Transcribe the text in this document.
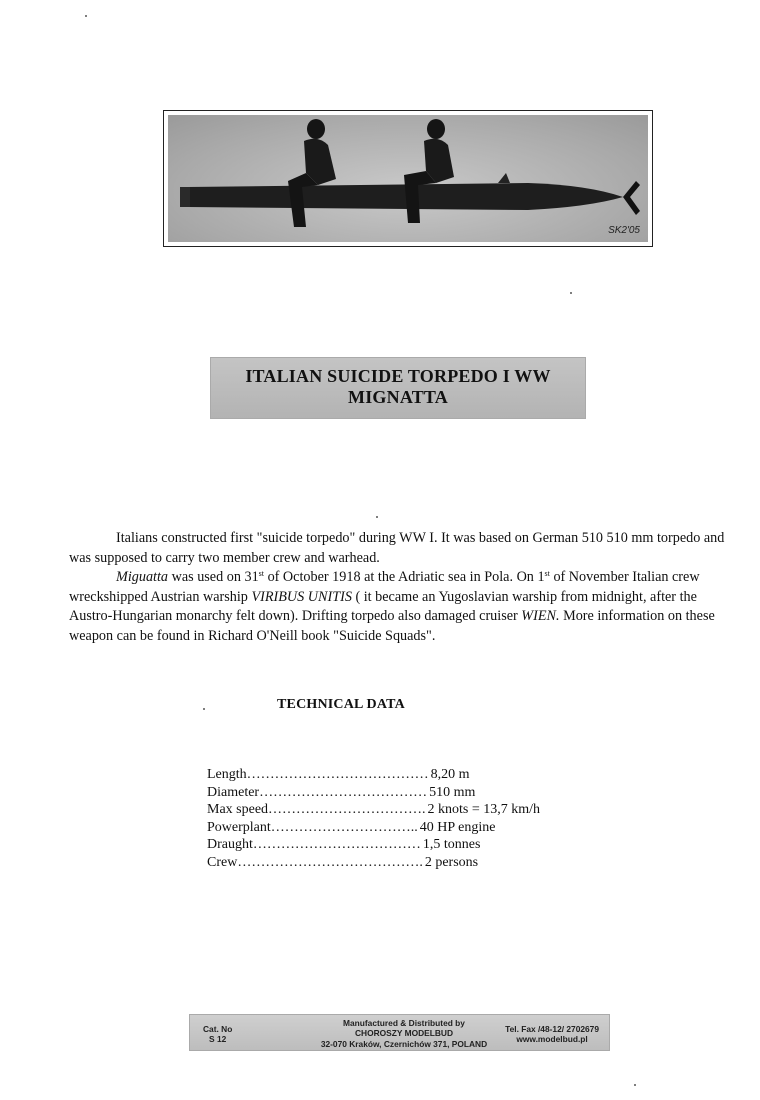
SK2'05
ITALIAN SUICIDE TORPEDO I WW
MIGNATTA

Italians constructed first "suicide torpedo" during WW I. It was based on German 510 510 mm torpedo and was supposed to carry two member crew and warhead.

Miguatta was used on 31st of October 1918 at the Adriatic sea in Pola. On 1st of November Italian crew wreckshipped Austrian warship VIRIBUS UNITIS ( it became an Yugoslavian warship from midnight, after the Austro-Hungarian monarchy felt down). Drifting torpedo also damaged cruiser WIEN. More information on these weapon can be found in Richard O'Neill book "Suicide Squads".

TECHNICAL DATA
Length ………………………………… 8,20 m
Diameter ……………………………… 510 mm
Max speed ……………………………. 2 knots = 13,7 km/h
Powerplant ………………………….. 40 HP engine
Draught ……………………………… 1,5 tonnes
Crew …………………………………. 2 persons
Cat. No
S 12
Manufactured & Distributed by
CHOROSZY MODELBUD
32-070 Kraków, Czernichów 371, POLAND
Tel. Fax /48-12/ 2702679
www.modelbud.pl
